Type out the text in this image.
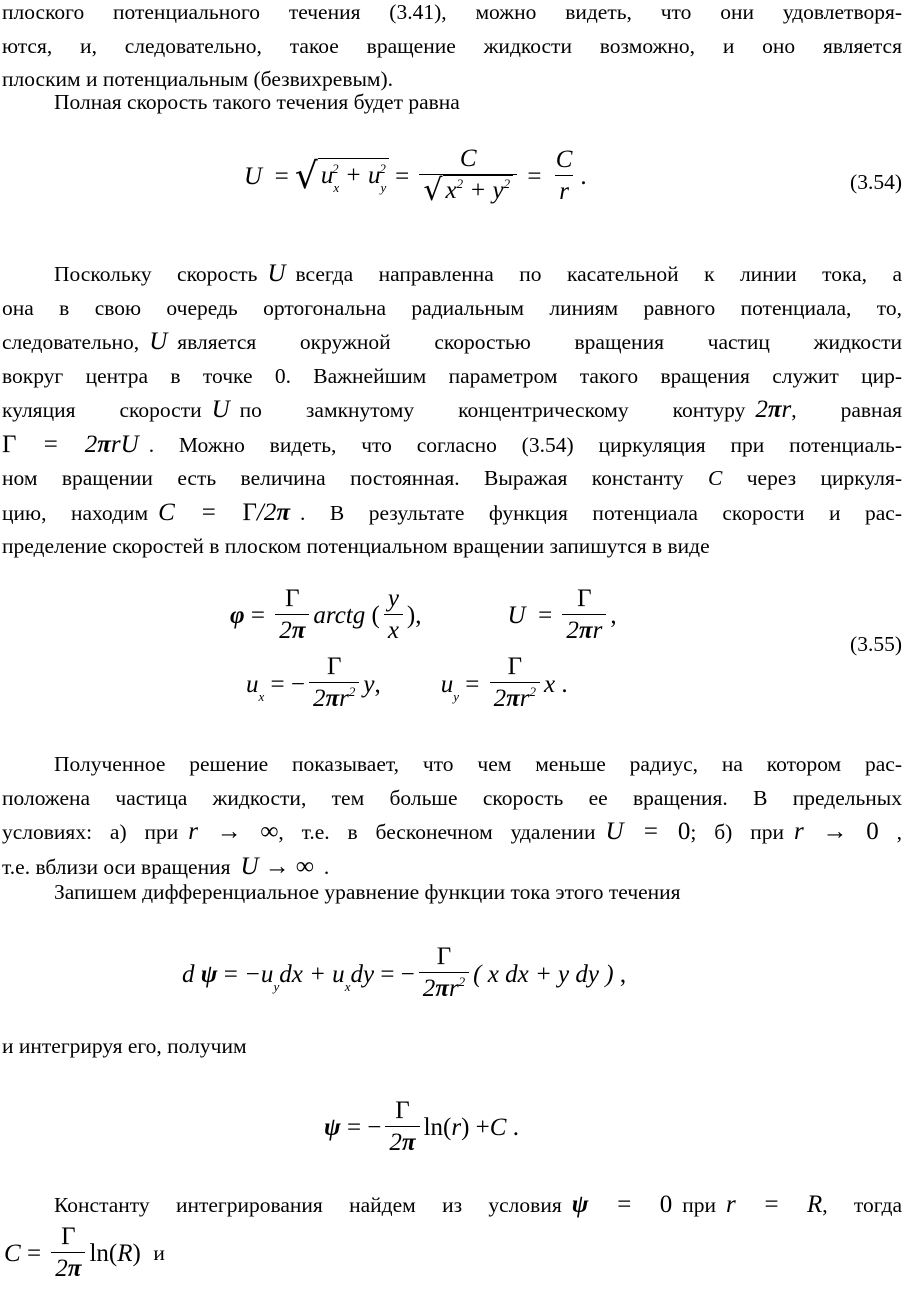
плоского потенциального течения (3.41), можно видеть, что они удовлетворя-
ются, и, следовательно, такое вращение жидкости возможно, и оно является
плоским и потенциальным (безвихревым).
Полная скорость такого течения будет равна
U = √ $u_x^2 + u_y^2 = \frac{C}{√ x^2 + y^2} = \frac{C}{r}$ .	(3.54)
Поскольку скорость U всегда направленна по касательной к линии тока, а
она в свою очередь ортогональна радиальным линиям равного потенциала, то,
следовательно, U является окружной скоростью вращения частиц жидкости
вокруг центра в точке 0. Важнейшим параметром такого вращения служит цир-
куляция скорости U по замкнутому концентрическому контуру 2πr, равная
Γ = 2πrU . Можно видеть, что согласно (3.54) циркуляция при потенциаль-
ном вращении есть величина постоянная. Выражая константу C через циркуля-
цию, находим C = Γ/2π . В результате функция потенциала скорости и рас-
пределение скоростей в плоском потенциальном вращении запишутся в виде
$\varphi = \frac{\Gamma}{2\pi}$ arctg ( $\frac{y}{x}$ ),	$U = \frac{\Gamma}{2\pi r}$ ,
$u_x$ = − $\frac{\Gamma}{2\pi r^2}$ y , $u_y = \frac{\Gamma}{2\pi r^2}$ x .
(3.55)
Полученное решение показывает, что чем меньше радиус, на котором рас-
положена частица жидкости, тем больше скорость ее вращения. В предельных
условиях: а) при r → ∞, т.е. в бесконечном удалении U = 0; б) при r → 0 ,
т.е. вблизи оси вращения U → ∞ .
Запишем дифференциальное уравнение функции тока этого течения
d $\psi = -u_ydx + u_xdy$ = − $\frac{\Gamma}{2\pi r^2}$ ( x dx + y dy ) ,
и интегрируя его, получим
ψ = − $\frac{\Gamma}{2\pi} \ln$( r ) + C .
Константу интегрирования найдем из условия ψ = 0 при r = R, тогда
$C = \frac{\Gamma}{2\pi} \ln$( R ) и
